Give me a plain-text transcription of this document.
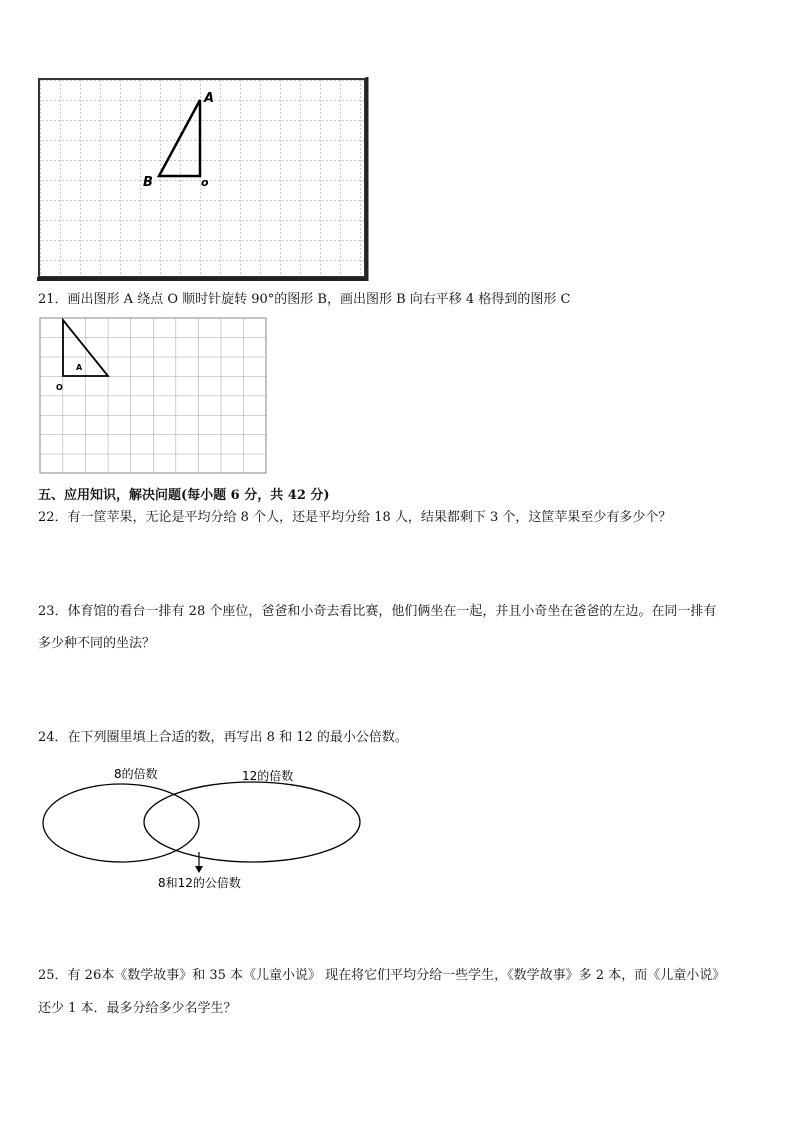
A
B	o
21．画出图形 A 绕点 O 顺时针旋转 90°的图形 B，画出图形 B 向右平移 4 格得到的图形 C
A
O
五、应用知识，解决问题(每小题 6 分，共 42 分)
22．有一筐苹果，无论是平均分给 8 个人，还是平均分给 18 人，结果都剩下 3 个，这筐苹果至少有多少个？
23．体育馆的看台一排有 28 个座位，爸爸和小奇去看比赛，他们俩坐在一起，并且小奇坐在爸爸的左边。在同一排有
多少种不同的坐法？
24．在下列圈里填上合适的数，再写出 8 和 12 的最小公倍数。
8的倍数	12的倍数
8和12的公倍数
25．有 26本《数学故事》和 35 本《儿童小说》 现在将它们平均分给一些学生，《数学故事》多 2 本，而《儿童小说》
还少 1 本．最多分给多少名学生？
